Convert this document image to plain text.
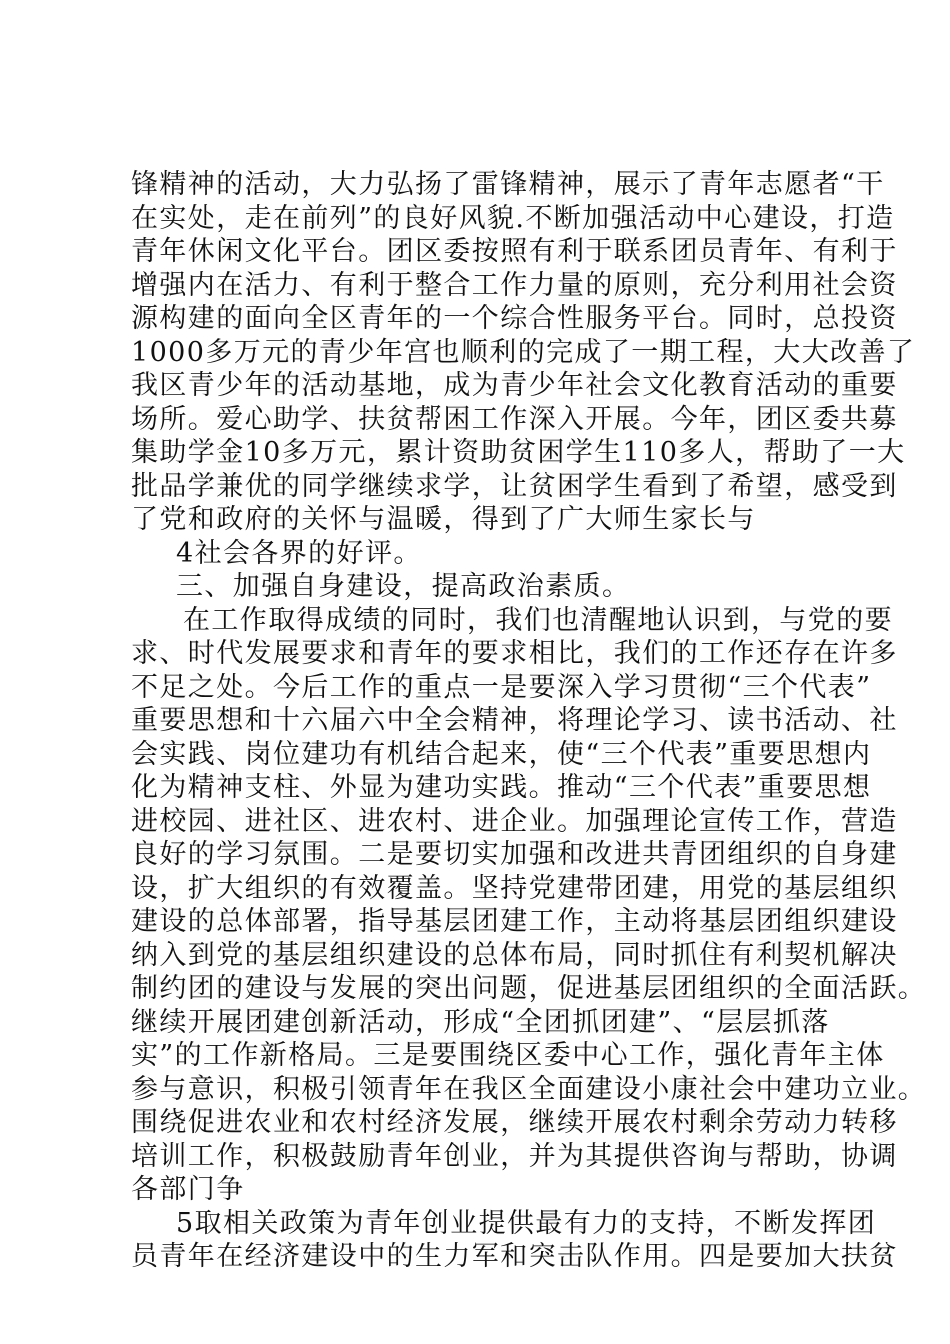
锋精神的活动，大力弘扬了雷锋精神，展示了青年志愿者“干
在实处，走在前列”的良好风貌.不断加强活动中心建设，打造
青年休闲文化平台。团区委按照有利于联系团员青年、有利于
增强内在活力、有利于整合工作力量的原则，充分利用社会资
源构建的面向全区青年的一个综合性服务平台。同时，总投资
1000多万元的青少年宫也顺利的完成了一期工程，大大改善了
我区青少年的活动基地，成为青少年社会文化教育活动的重要
场所。爱心助学、扶贫帮困工作深入开展。今年，团区委共募
集助学金10多万元，累计资助贫困学生110多人，帮助了一大
批品学兼优的同学继续求学，让贫困学生看到了希望，感受到
了党和政府的关怀与温暖，得到了广大师生家长与
4社会各界的好评。
三、加强自身建设，提高政治素质。
在工作取得成绩的同时，我们也清醒地认识到，与党的要
求、时代发展要求和青年的要求相比，我们的工作还存在许多
不足之处。今后工作的重点一是要深入学习贯彻“三个代表”
重要思想和十六届六中全会精神，将理论学习、读书活动、社
会实践、岗位建功有机结合起来，使“三个代表”重要思想内
化为精神支柱、外显为建功实践。推动“三个代表”重要思想
进校园、进社区、进农村、进企业。加强理论宣传工作，营造
良好的学习氛围。二是要切实加强和改进共青团组织的自身建
设，扩大组织的有效覆盖。坚持党建带团建，用党的基层组织
建设的总体部署，指导基层团建工作，主动将基层团组织建设
纳入到党的基层组织建设的总体布局，同时抓住有利契机解决
制约团的建设与发展的突出问题，促进基层团组织的全面活跃。
继续开展团建创新活动，形成“全团抓团建”、“层层抓落
实”的工作新格局。三是要围绕区委中心工作，强化青年主体
参与意识，积极引领青年在我区全面建设小康社会中建功立业。
围绕促进农业和农村经济发展，继续开展农村剩余劳动力转移
培训工作，积极鼓励青年创业，并为其提供咨询与帮助，协调
各部门争
5取相关政策为青年创业提供最有力的支持，不断发挥团
员青年在经济建设中的生力军和突击队作用。四是要加大扶贫
